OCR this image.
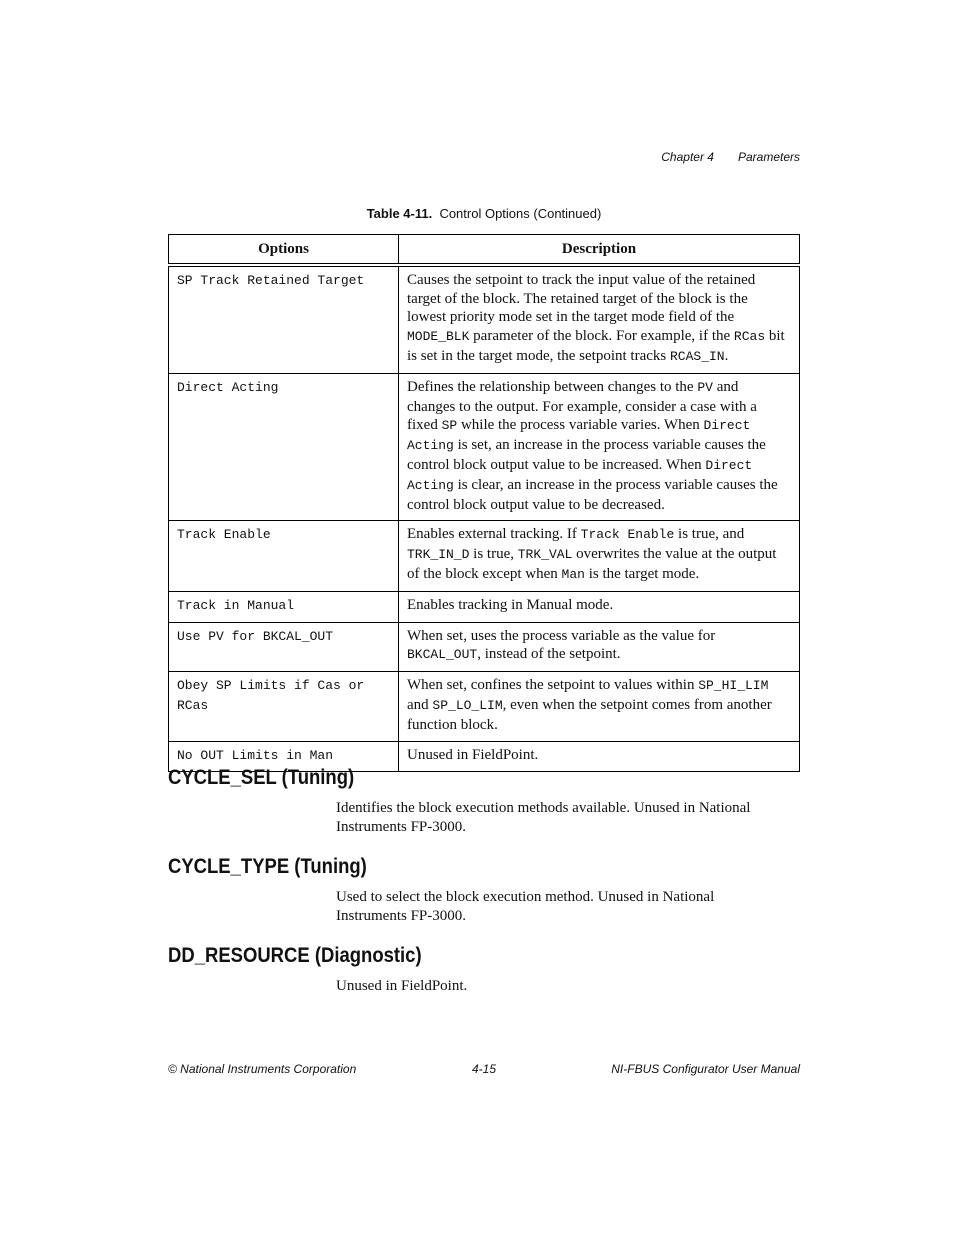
Chapter 4 Parameters
Table 4-11. Control Options (Continued)
Options	Description
SP Track Retained Target	Causes the setpoint to track the input value of the retained target of the block. The retained target of the block is the lowest priority mode set in the target mode field of the MODE_BLK parameter of the block. For example, if the RCas bit is set in the target mode, the setpoint tracks RCAS_IN.
Direct Acting	Defines the relationship between changes to the PV and changes to the output. For example, consider a case with a fixed SP while the process variable varies. When Direct Acting is set, an increase in the process variable causes the control block output value to be increased. When Direct Acting is clear, an increase in the process variable causes the control block output value to be decreased.
Track Enable	Enables external tracking. If Track Enable is true, and TRK_IN_D is true, TRK_VAL overwrites the value at the output of the block except when Man is the target mode.
Track in Manual	Enables tracking in Manual mode.
Use PV for BKCAL_OUT	When set, uses the process variable as the value for BKCAL_OUT, instead of the setpoint.
Obey SP Limits if Cas or RCas	When set, confines the setpoint to values within SP_HI_LIM and SP_LO_LIM, even when the setpoint comes from another function block.
No OUT Limits in Man	Unused in FieldPoint.
CYCLE_SEL (Tuning)

Identifies the block execution methods available. Unused in National Instruments FP-3000.

CYCLE_TYPE (Tuning)

Used to select the block execution method. Unused in National Instruments FP-3000.

DD_RESOURCE (Diagnostic)

Unused in FieldPoint.

© National Instruments Corporation	4-15	NI-FBUS Configurator User Manual
